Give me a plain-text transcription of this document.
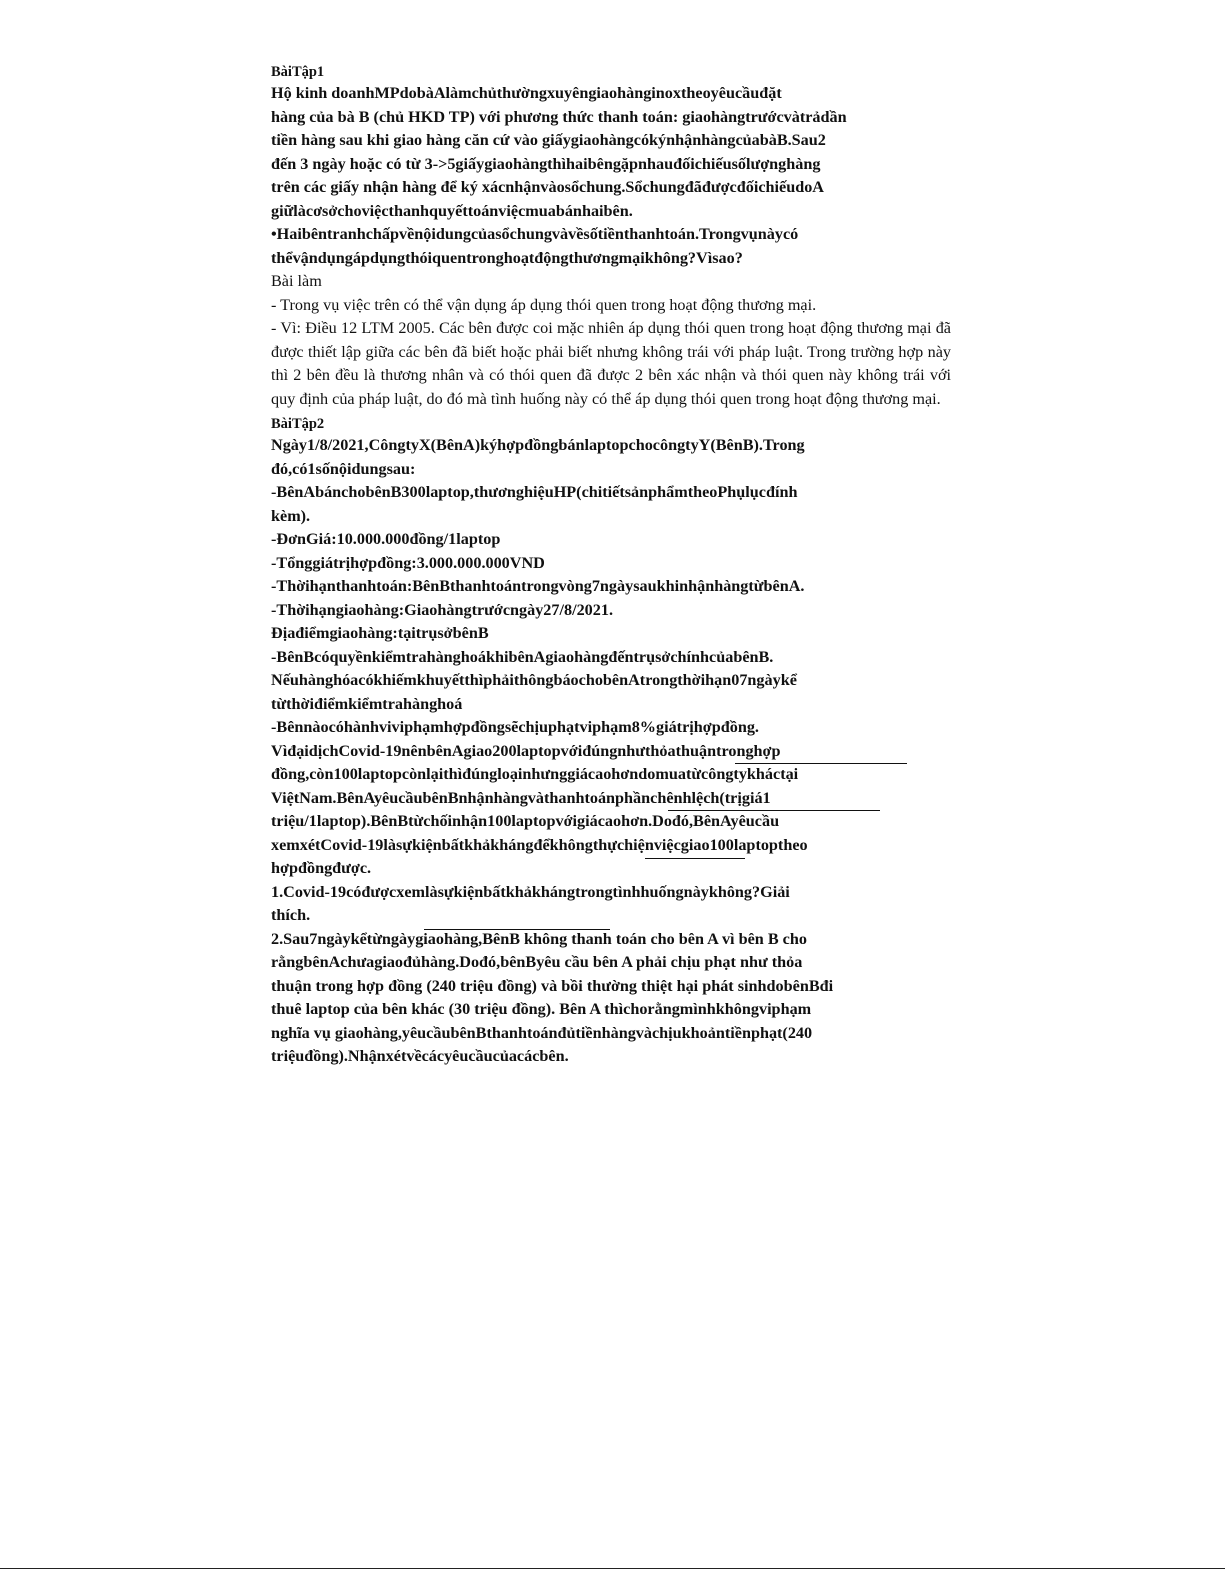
BàiTập1
Hộ kinh doanhMPdobàAlàmchủthườngxuyêngiaohànginoxtheoyêucầuđặt
hàng của bà B (chủ HKD TP) với phương thức thanh toán: giaohàngtrướcvàtrảdần
tiền hàng sau khi giao hàng căn cứ vào giấygiaohàngcókýnhậnhàngcủabàB.Sau2
đến 3 ngày hoặc có từ 3->5giấygiaohàngthìhaibêngặpnhauđốichiếusốlượnghàng
trên các giấy nhận hàng để ký xácnhậnvàosổchung.SổchungđãđượcđốichiếudoA
giữlàcơsởchoviệcthanhquyếttoánviệcmuabánhaibên.
•Haibêntranhchấpvềnộidungcủasổchungvàvềsốtiềnthanhtoán.Trongvụnàycó
thểvậndụngápdụngthóiquentronghoạtđộngthươngmạikhông?Vìsao?
Bài làm
- Trong vụ việc trên có thể vận dụng áp dụng thói quen trong hoạt động thương mại.
- Vì: Điều 12 LTM 2005. Các bên được coi mặc nhiên áp dụng thói quen trong hoạt động thương mại đã được thiết lập giữa các bên đã biết hoặc phải biết nhưng không trái với pháp luật. Trong trường hợp này thì 2 bên đều là thương nhân và có thói quen đã được 2 bên xác nhận và thói quen này không trái với quy định của pháp luật, do đó mà tình huống này có thể áp dụng thói quen trong hoạt động thương mại.
BàiTập2
Ngày1/8/2021,CôngtyX(BênA)kýhợpđồngbánlaptopchocôngtyY(BênB).Trong
đó,có1sốnộidungsau:
-BênAbánchobênB300laptop,thươnghiệuHP(chitiếtsảnphẩmtheoPhụlụcđính
kèm).
-ĐơnGiá:10.000.000đồng/1laptop
-Tổnggiátrịhợpđồng:3.000.000.000VND
-Thờihạnthanhtoán:BênBthanhtoántrongvòng7ngàysaukhinhậnhàngtừbênA.
-Thờihạngiaohàng:Giaohàngtrướcngày27/8/2021.
Địađiểmgiaohàng:tạitrụsởbênB
-BênBcóquyềnkiểmtrahànghoákhibênAgiaohàngđếntrụsởchínhcủabênB.
NếuhànghóacókhiếmkhuyếtthìphảithôngbáochobênAtrongthờihạn07ngàykể
từthờiđiểmkiểmtrahànghoá
-Bênnàocóhànhviviphạmhợpđồngsẽchịuphạtviphạm8%giátrịhợpđồng.
VìđạidịchCovid-19nênbênAgiao200laptopvớiđúngnhưthỏathuậntronghợp
đồng,còn100laptopcònlạithìđúngloạinhưnggiácaohơndomuatừcôngtykháctại
ViệtNam.BênAyêucầubênBnhậnhàngvàthanhtoánphầnchênhlệch(trịgiá1
triệu/1laptop).BênBtừchốinhận100laptopvớigiácaohơn.Dođó,BênAyêucầu
xemxétCovid-19làsựkiệnbấtkhảkhángđểkhôngthựchiệnviệcgiao100laptoptheo
hợpđồngđược.
1.Covid-19cóđượcxemlàsựkiệnbấtkhảkhángtrongtìnhhuốngnàykhông?Giải
thích.
2.Sau7ngàykểtừngàygiaohàng,BênB không thanh toán cho bên A vì bên B cho
rằngbênAchưagiaođủhàng.Dođó,bênByêu cầu bên A phải chịu phạt như thỏa
thuận trong hợp đồng (240 triệu đồng) và bồi thường thiệt hại phát sinhdobênBđi
thuê laptop của bên khác (30 triệu đồng). Bên A thìchorằngmìnhkhôngviphạm
nghĩa vụ giaohàng,yêucầubênBthanhtoánđủtiềnhàngvàchịukhoảntiềnphạt(240
triệuđồng).Nhậnxétvềcácyêucầucủacácbên.
